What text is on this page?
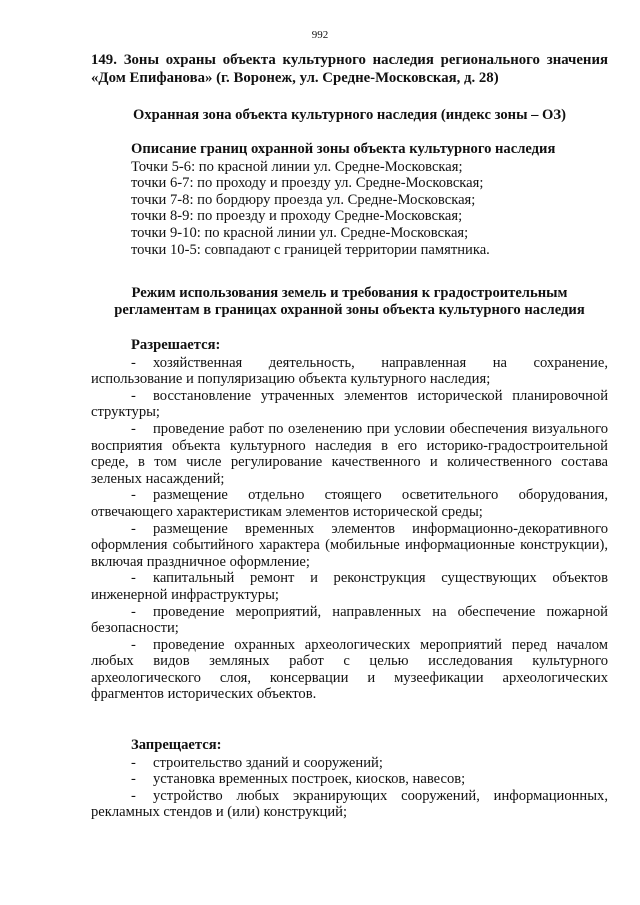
992
149. Зоны охраны объекта культурного наследия регионального значения «Дом Епифанова» (г. Воронеж, ул. Средне-Московская, д. 28)
Охранная зона объекта культурного наследия (индекс зоны – ОЗ)
Описание границ охранной зоны объекта культурного наследия
Точки 5-6: по красной линии ул. Средне-Московская;
точки 6-7: по проходу и проезду ул. Средне-Московская;
точки 7-8: по бордюру проезда ул. Средне-Московская;
точки 8-9: по проезду и проходу Средне-Московская;
точки 9-10: по красной линии ул. Средне-Московская;
точки 10-5: совпадают с границей территории памятника.
Режим использования земель и требования к градостроительным регламентам в границах охранной зоны объекта культурного наследия
Разрешается:
- хозяйственная деятельность, направленная на сохранение, использование и популяризацию объекта культурного наследия;
- восстановление утраченных элементов исторической планировочной структуры;
- проведение работ по озеленению при условии обеспечения визуального восприятия объекта культурного наследия в его историко-градостроительной среде, в том числе регулирование качественного и количественного состава зеленых насаждений;
- размещение отдельно стоящего осветительного оборудования, отвечающего характеристикам элементов исторической среды;
- размещение временных элементов информационно-декоративного оформления событийного характера (мобильные информационные конструкции), включая праздничное оформление;
- капитальный ремонт и реконструкция существующих объектов инженерной инфраструктуры;
- проведение мероприятий, направленных на обеспечение пожарной безопасности;
- проведение охранных археологических мероприятий перед началом любых видов земляных работ с целью исследования культурного археологического слоя, консервации и музеефикации археологических фрагментов исторических объектов.
Запрещается:
- строительство зданий и сооружений;
- установка временных построек, киосков, навесов;
- устройство любых экранирующих сооружений, информационных, рекламных стендов и (или) конструкций;
